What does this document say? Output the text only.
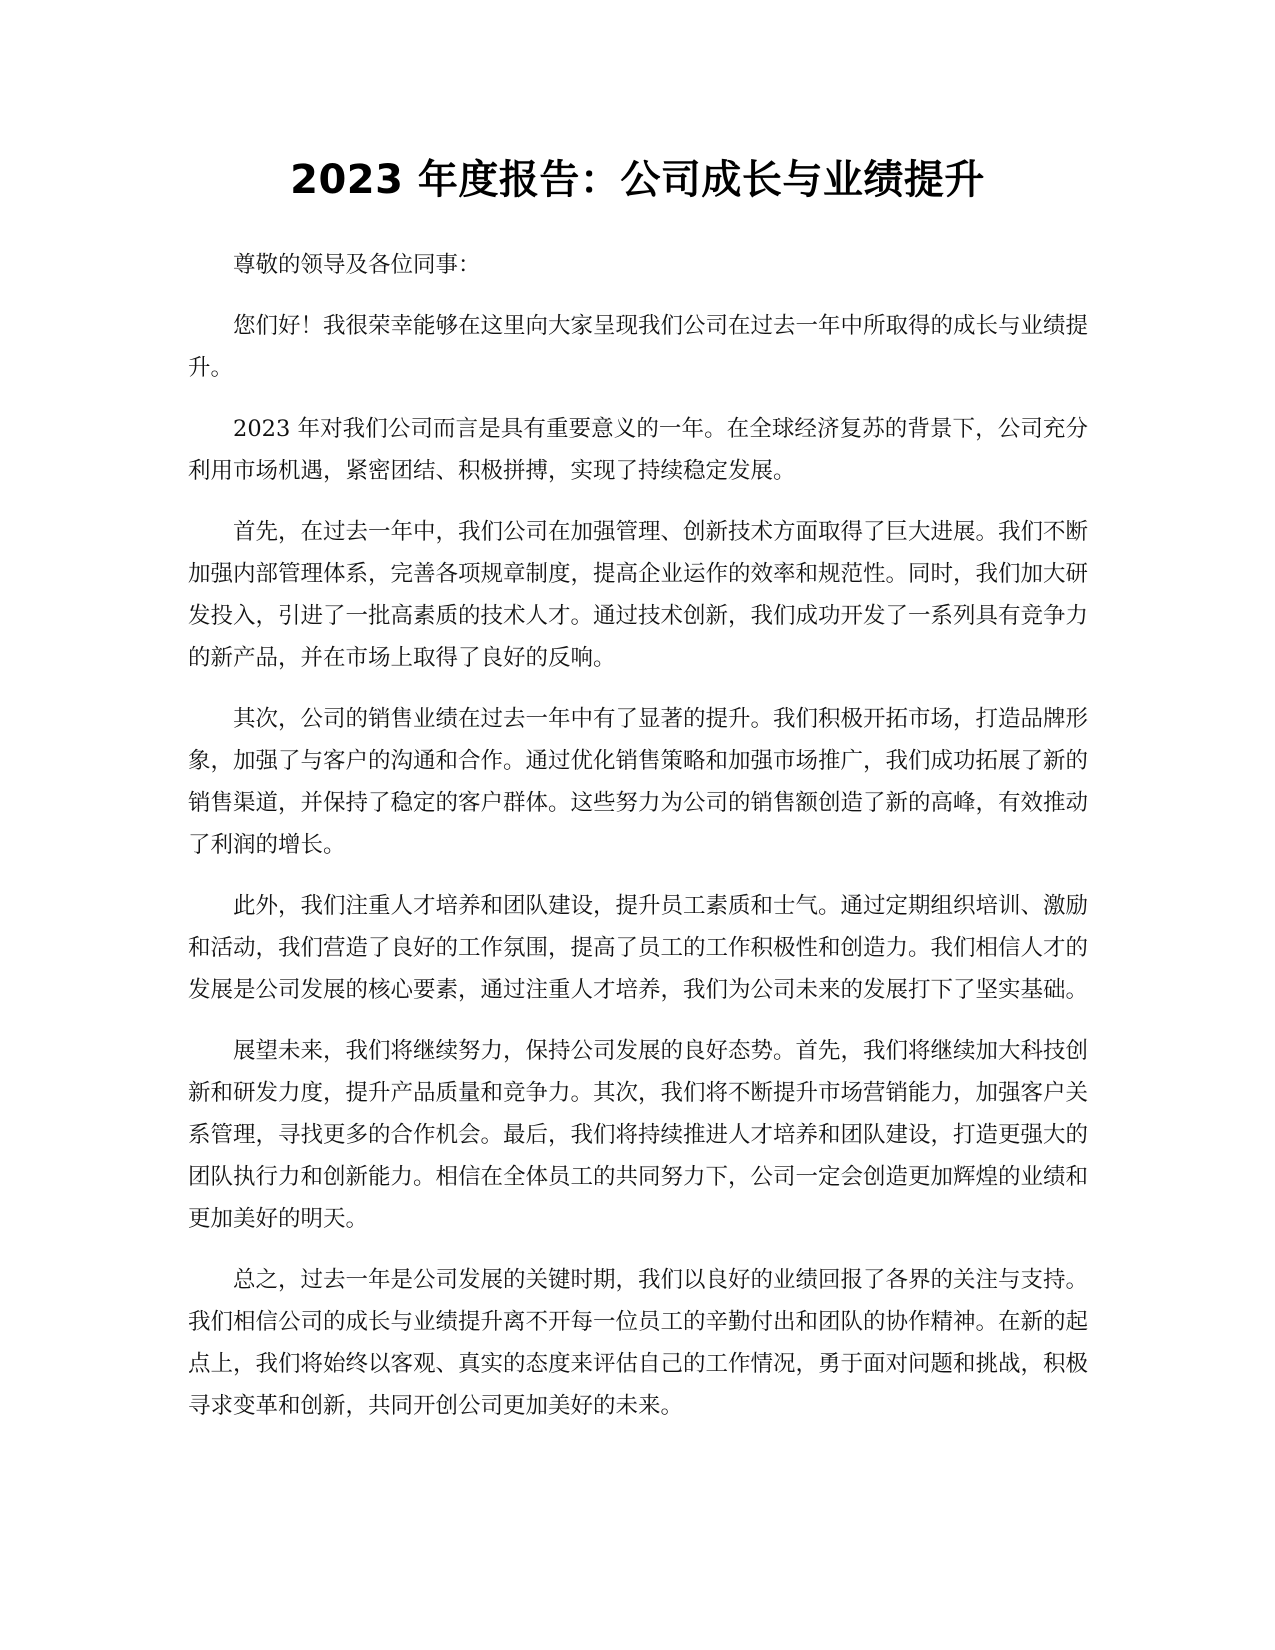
2023 年度报告：公司成长与业绩提升

尊敬的领导及各位同事：

您们好！我很荣幸能够在这里向大家呈现我们公司在过去一年中所取得的成长与业绩提升。

2023 年对我们公司而言是具有重要意义的一年。在全球经济复苏的背景下，公司充分利用市场机遇，紧密团结、积极拼搏，实现了持续稳定发展。

首先，在过去一年中，我们公司在加强管理、创新技术方面取得了巨大进展。我们不断加强内部管理体系，完善各项规章制度，提高企业运作的效率和规范性。同时，我们加大研发投入，引进了一批高素质的技术人才。通过技术创新，我们成功开发了一系列具有竞争力的新产品，并在市场上取得了良好的反响。

其次，公司的销售业绩在过去一年中有了显著的提升。我们积极开拓市场，打造品牌形象，加强了与客户的沟通和合作。通过优化销售策略和加强市场推广，我们成功拓展了新的销售渠道，并保持了稳定的客户群体。这些努力为公司的销售额创造了新的高峰，有效推动了利润的增长。

此外，我们注重人才培养和团队建设，提升员工素质和士气。通过定期组织培训、激励和活动，我们营造了良好的工作氛围，提高了员工的工作积极性和创造力。我们相信人才的发展是公司发展的核心要素，通过注重人才培养，我们为公司未来的发展打下了坚实基础。

展望未来，我们将继续努力，保持公司发展的良好态势。首先，我们将继续加大科技创新和研发力度，提升产品质量和竞争力。其次，我们将不断提升市场营销能力，加强客户关系管理，寻找更多的合作机会。最后，我们将持续推进人才培养和团队建设，打造更强大的团队执行力和创新能力。相信在全体员工的共同努力下，公司一定会创造更加辉煌的业绩和更加美好的明天。

总之，过去一年是公司发展的关键时期，我们以良好的业绩回报了各界的关注与支持。我们相信公司的成长与业绩提升离不开每一位员工的辛勤付出和团队的协作精神。在新的起点上，我们将始终以客观、真实的态度来评估自己的工作情况，勇于面对问题和挑战，积极寻求变革和创新，共同开创公司更加美好的未来。
